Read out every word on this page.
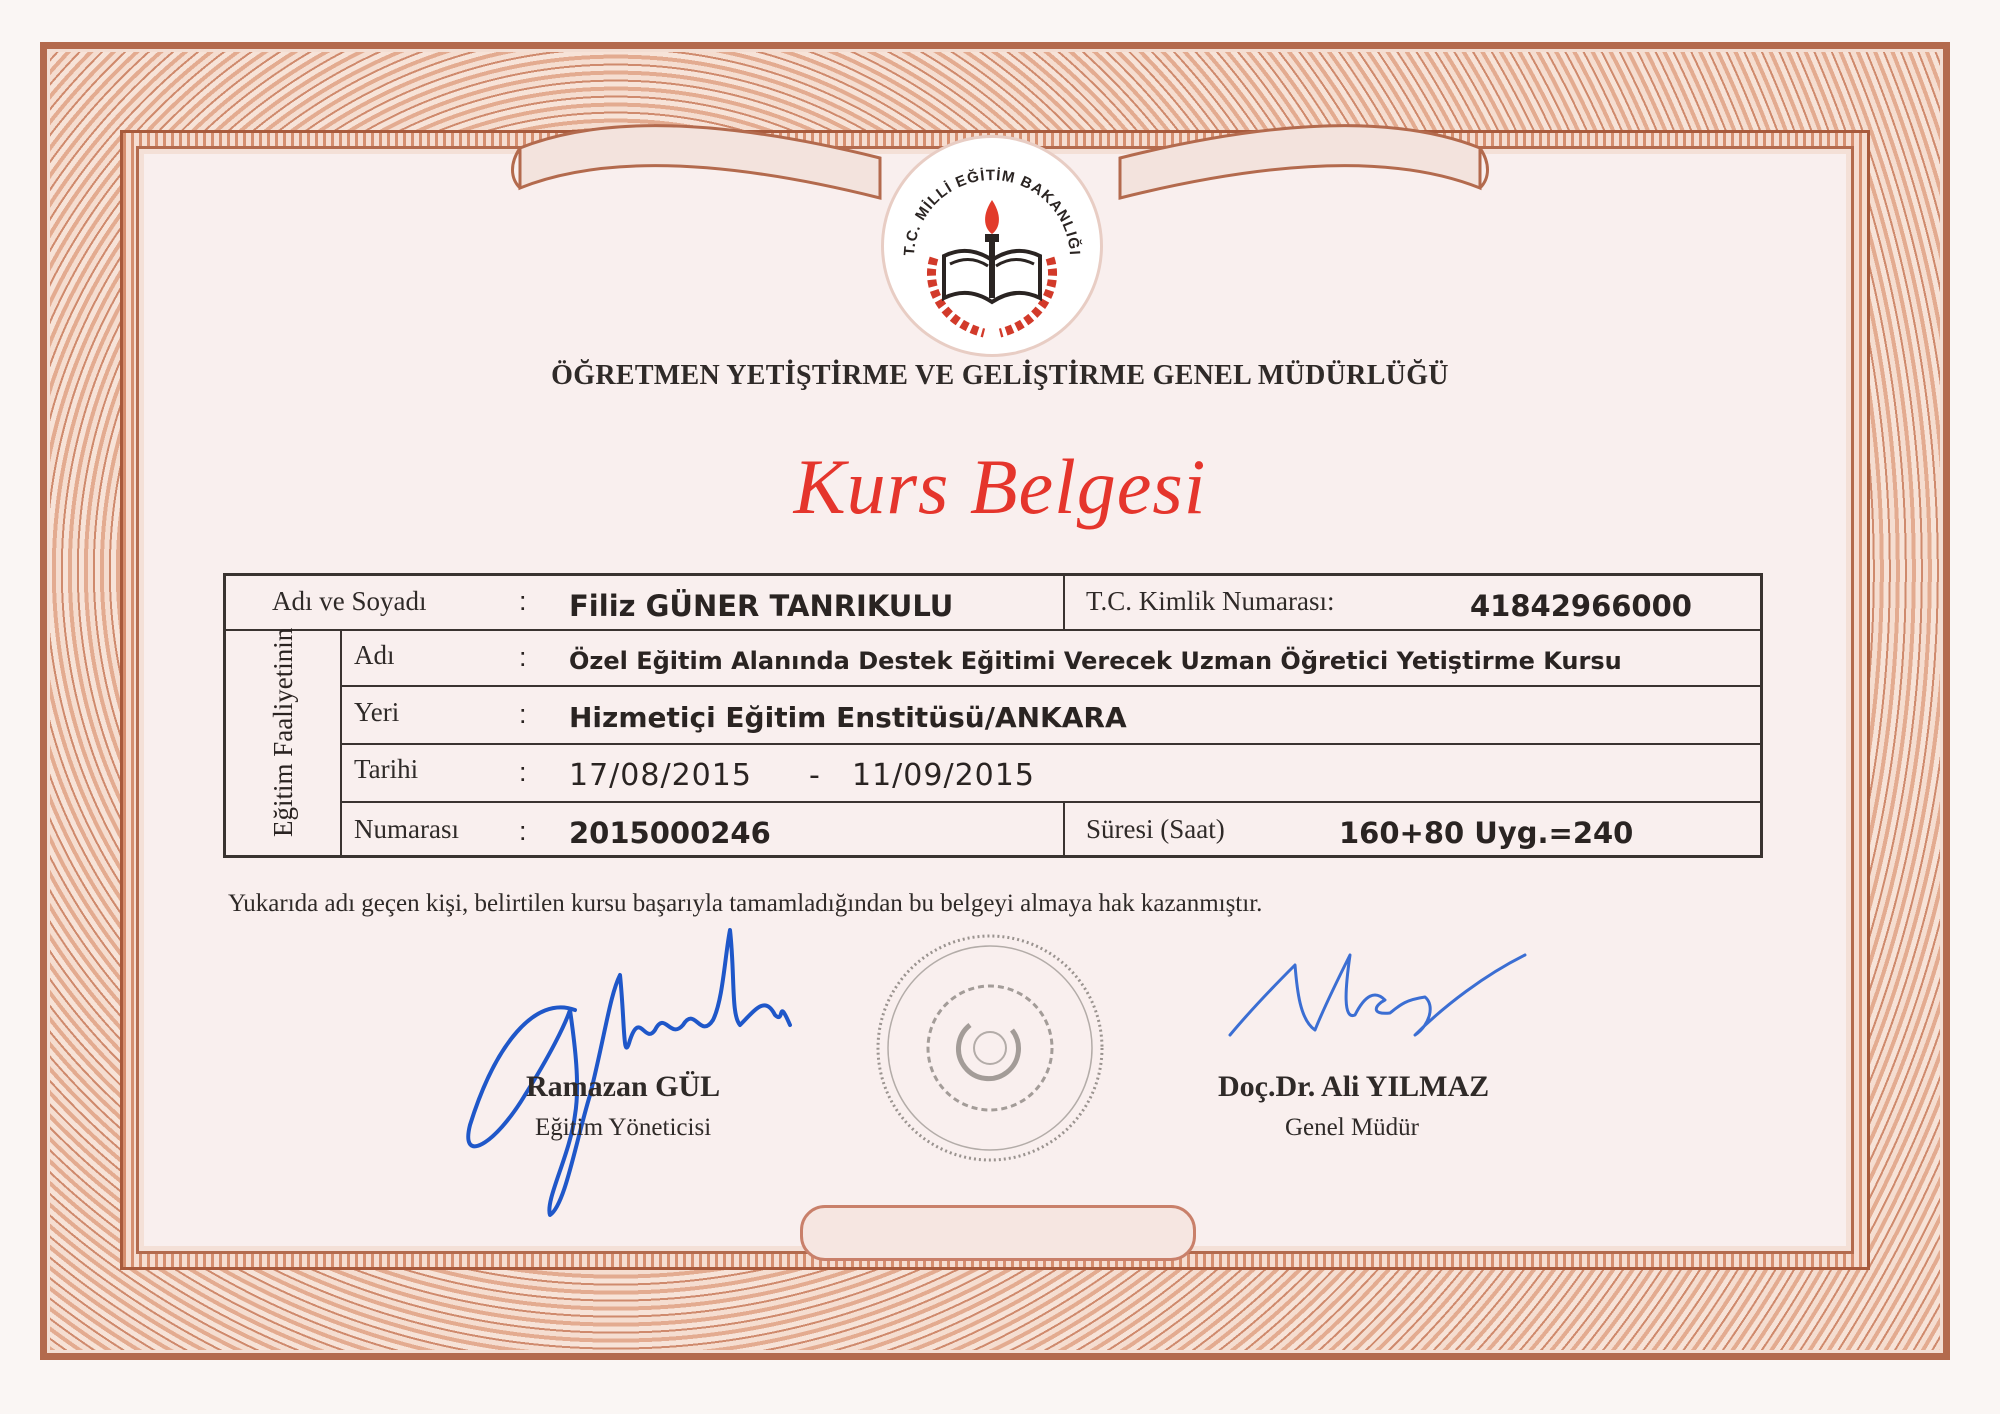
T.C. MİLLİ EĞİTİM BAKANLIĞI
ÖĞRETMEN YETİŞTİRME VE GELİŞTİRME GENEL MÜDÜRLÜĞÜ
Kurs Belgesi
Eğitim Faaliyetinin
Adı ve Soyadı	: Filiz GÜNER TANRIKULU	T.C. Kimlik Numarası:	41842966000
Adı	: Özel Eğitim Alanında Destek Eğitimi Verecek Uzman Öğretici Yetiştirme Kursu
Yeri	: Hizmetiçi Eğitim Enstitüsü/ANKARA
Tarihi	: 17/08/2015 - 11/09/2015
Numarası : 2015000246	Süresi (Saat)	160+80 Uyg.=240
Yukarıda adı geçen kişi, belirtilen kursu başarıyla tamamladığından bu belgeyi almaya hak kazanmıştır.
Ramazan GÜL
Eğitim Yöneticisi
Doç.Dr. Ali YILMAZ
Genel Müdür
